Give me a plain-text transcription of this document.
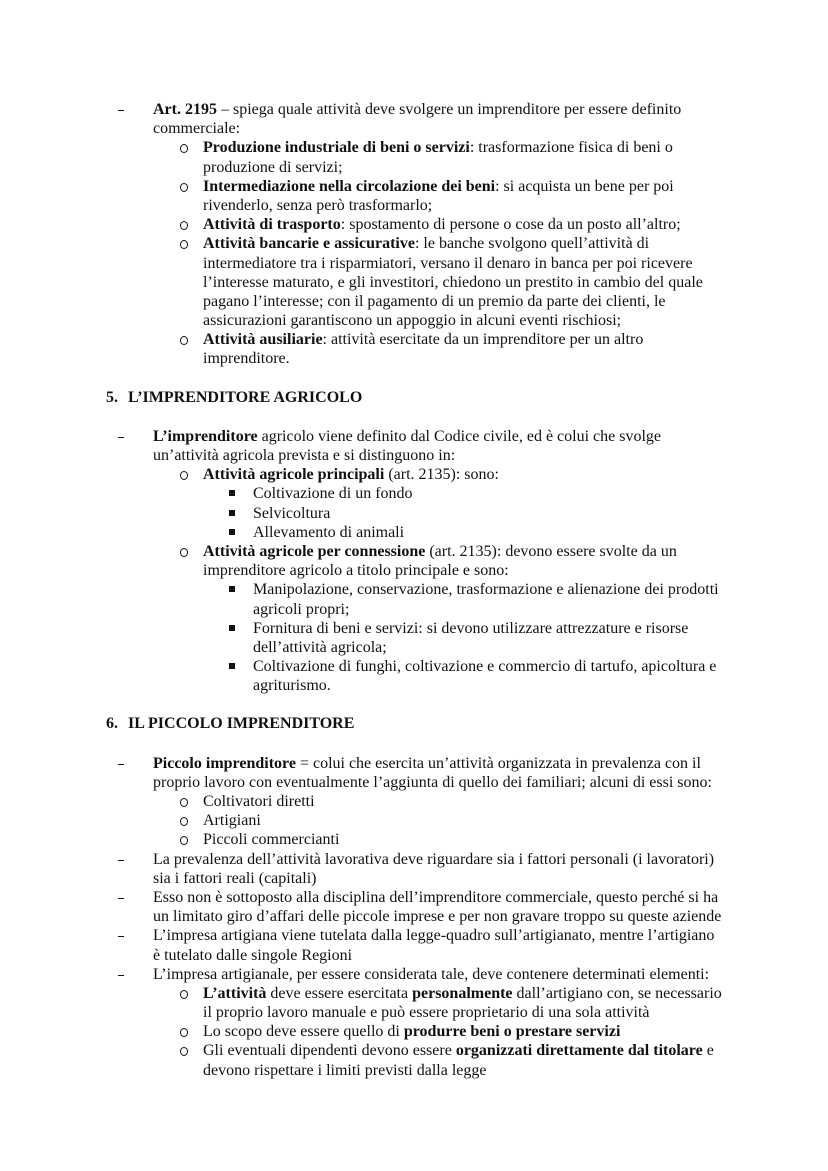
Art. 2195 – spiega quale attività deve svolgere un imprenditore per essere definito
commerciale:
Produzione industriale di beni o servizi: trasformazione fisica di beni o
produzione di servizi;
Intermediazione nella circolazione dei beni: si acquista un bene per poi
rivenderlo, senza però trasformarlo;
Attività di trasporto: spostamento di persone o cose da un posto all’altro;
Attività bancarie e assicurative: le banche svolgono quell’attività di
intermediatore tra i risparmiatori, versano il denaro in banca per poi ricevere
l’interesse maturato, e gli investitori, chiedono un prestito in cambio del quale
pagano l’interesse; con il pagamento di un premio da parte dei clienti, le
assicurazioni garantiscono un appoggio in alcuni eventi rischiosi;
Attività ausiliarie: attività esercitate da un imprenditore per un altro
imprenditore.
5. L’IMPRENDITORE AGRICOLO
L’imprenditore agricolo viene definito dal Codice civile, ed è colui che svolge
un’attività agricola prevista e si distinguono in:
Attività agricole principali (art. 2135): sono:
Coltivazione di un fondo
Selvicoltura
Allevamento di animali
Attività agricole per connessione (art. 2135): devono essere svolte da un
imprenditore agricolo a titolo principale e sono:
Manipolazione, conservazione, trasformazione e alienazione dei prodotti
agricoli propri;
Fornitura di beni e servizi: si devono utilizzare attrezzature e risorse
dell’attività agricola;
Coltivazione di funghi, coltivazione e commercio di tartufo, apicoltura e
agriturismo.
6. IL PICCOLO IMPRENDITORE
Piccolo imprenditore = colui che esercita un’attività organizzata in prevalenza con il
proprio lavoro con eventualmente l’aggiunta di quello dei familiari; alcuni di essi sono:
Coltivatori diretti
Artigiani
Piccoli commercianti
La prevalenza dell’attività lavorativa deve riguardare sia i fattori personali (i lavoratori)
sia i fattori reali (capitali)
Esso non è sottoposto alla disciplina dell’imprenditore commerciale, questo perché si ha
un limitato giro d’affari delle piccole imprese e per non gravare troppo su queste aziende
L’impresa artigiana viene tutelata dalla legge-quadro sull’artigianato, mentre l’artigiano
è tutelato dalle singole Regioni
L’impresa artigianale, per essere considerata tale, deve contenere determinati elementi:
L’attività deve essere esercitata personalmente dall’artigiano con, se necessario
il proprio lavoro manuale e può essere proprietario di una sola attività
Lo scopo deve essere quello di produrre beni o prestare servizi
Gli eventuali dipendenti devono essere organizzati direttamente dal titolare e
devono rispettare i limiti previsti dalla legge
